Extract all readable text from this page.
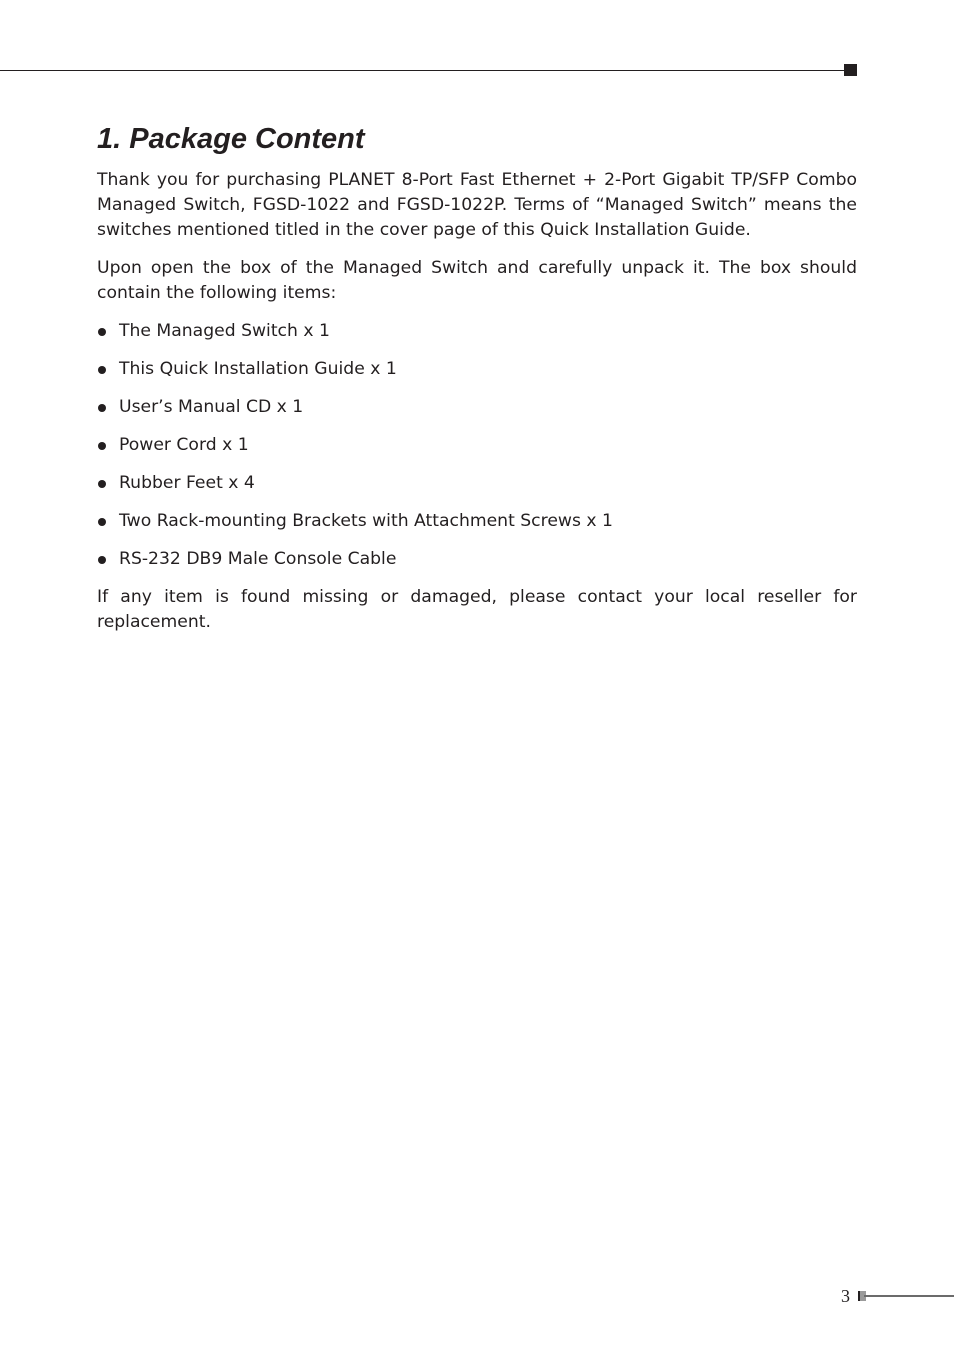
1. Package Content

Thank you for purchasing PLANET 8-Port Fast Ethernet + 2-Port Gigabit TP/SFP Combo Managed Switch, FGSD-1022 and FGSD-1022P. Terms of “Managed Switch” means the switches mentioned titled in the cover page of this Quick Installation Guide.

Upon open the box of the Managed Switch and carefully unpack it. The box should contain the following items:

The Managed Switch x 1
This Quick Installation Guide x 1
User’s Manual CD x 1
Power Cord x 1
Rubber Feet x 4
Two Rack-mounting Brackets with Attachment Screws x 1
RS-232 DB9 Male Console Cable

If any item is found missing or damaged, please contact your local reseller for replacement.

3
